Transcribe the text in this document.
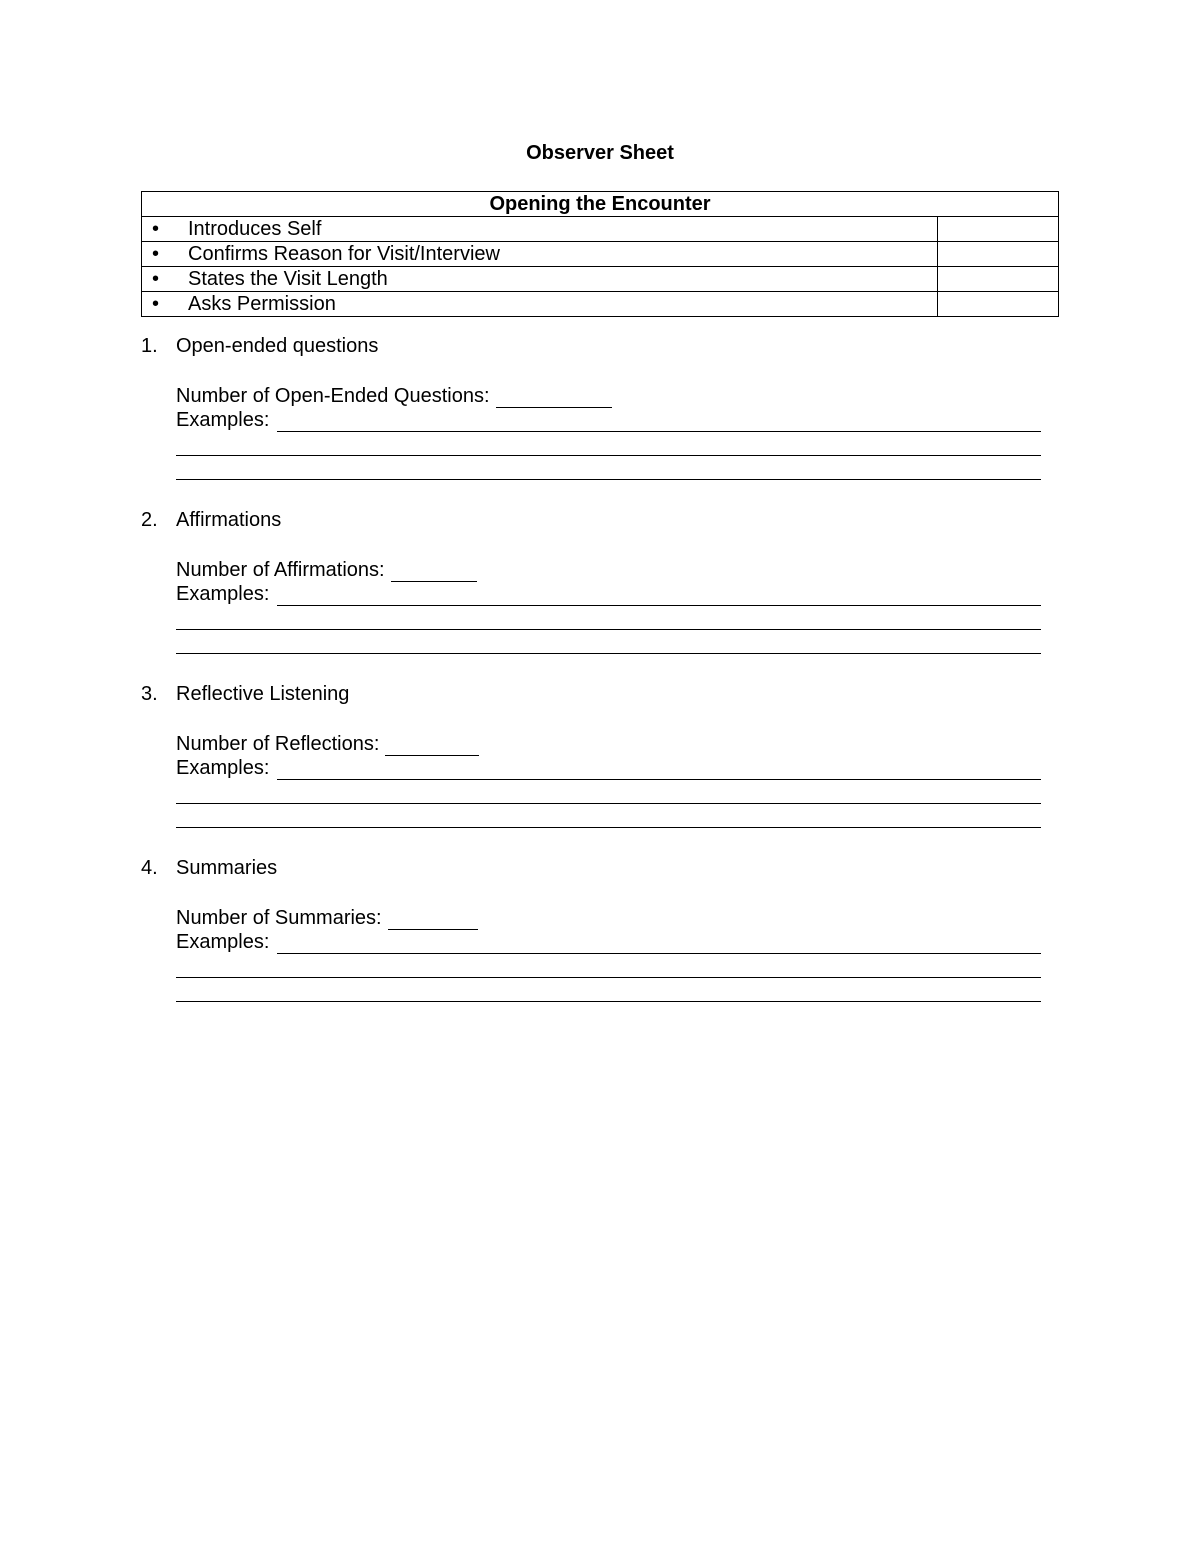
Observer Sheet
Opening the Encounter	

• Introduces Self	

• Confirms Reason for Visit/Interview	

• States the Visit Length	

• Asks Permission	

1. Open-ended questions
Number of Open-Ended Questions:
Examples:
2. Affirmations
Number of Affirmations:
Examples:
3. Reflective Listening
Number of Reflections:
Examples:
4. Summaries
Number of Summaries:
Examples:
